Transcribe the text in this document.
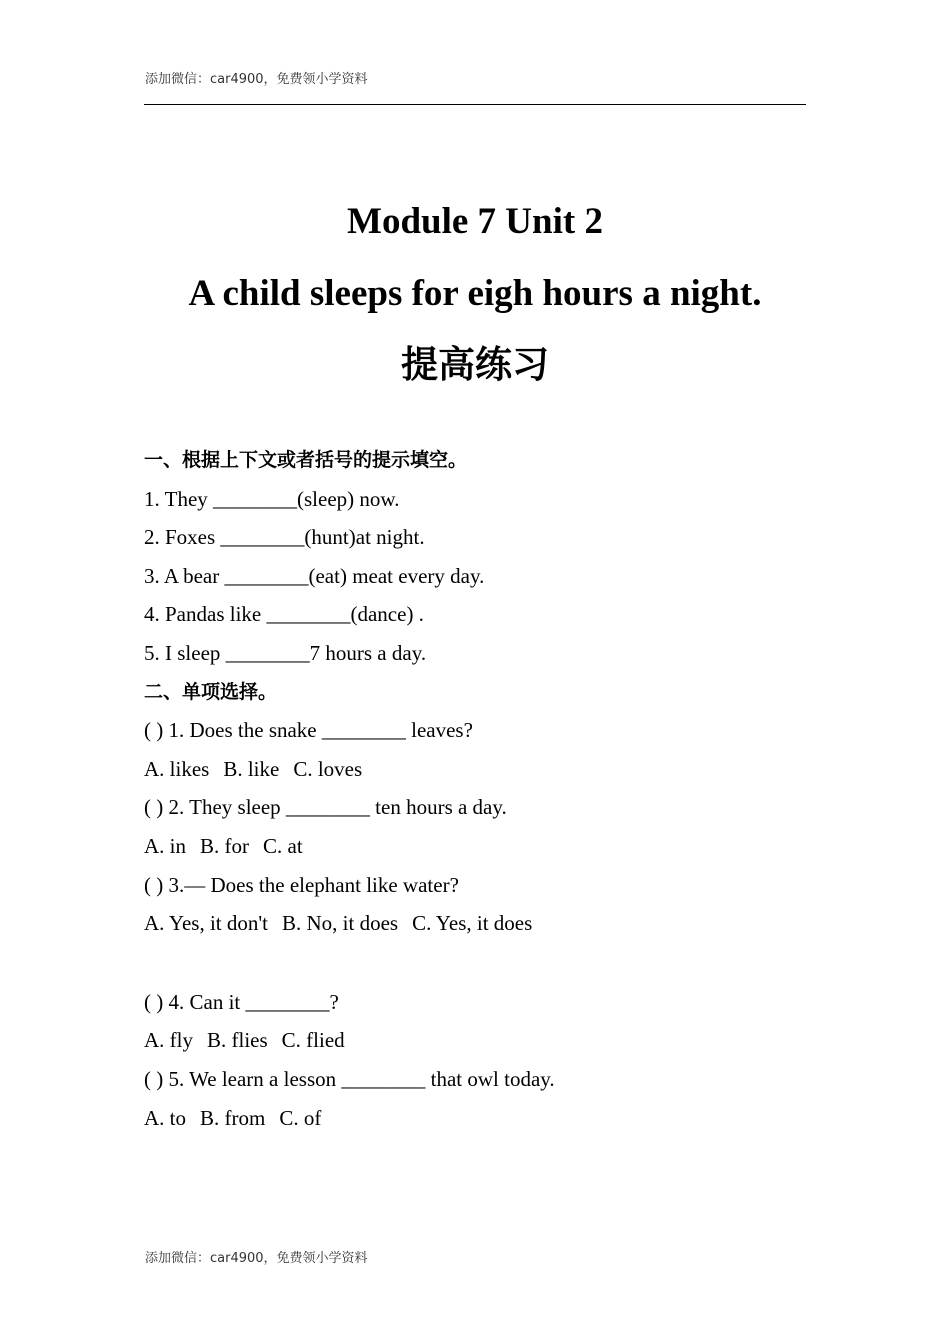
添加微信：car4900，免费领小学资料
Module 7 Unit 2
A child sleeps for eigh hours a night.
提高练习
一、根据上下文或者括号的提示填空。
1. They ________(sleep) now.
2. Foxes ________(hunt)at night.
3. A bear ________(eat) meat every day.
4. Pandas like ________(dance) .
5. I sleep ________7 hours a day.
二、单项选择。
( ) 1. Does the snake ________ leaves?
A. likes B. like C. loves
( ) 2. They sleep ________ ten hours a day.
A. in B. for C. at
( ) 3.— Does the elephant like water?
A. Yes, it don't B. No, it does C. Yes, it does
( ) 4. Can it ________?
A. fly B. flies C. flied
( ) 5. We learn a lesson ________ that owl today.
A. to B. from C. of
添加微信：car4900，免费领小学资料
